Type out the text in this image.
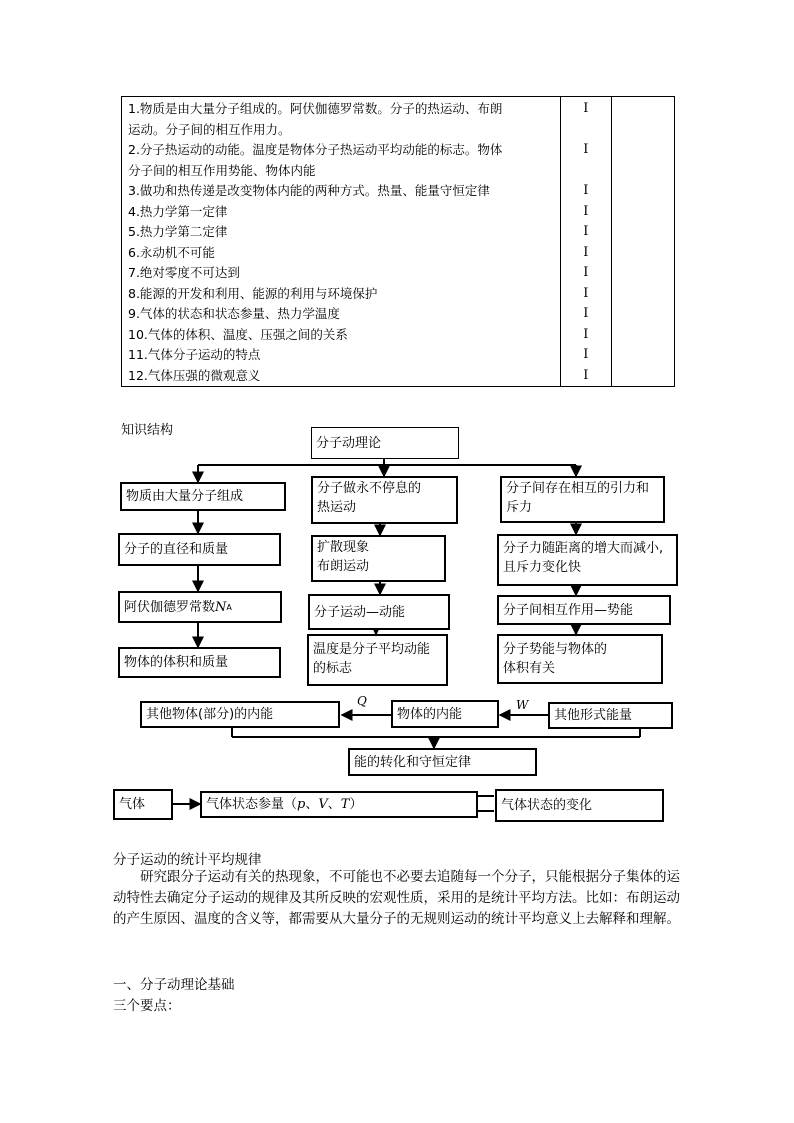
1.物质是由大量分子组成的。阿伏伽德罗常数。分子的热运动、布朗
运动。分子间的相互作用力。	Ⅰ	
2.分子热运动的动能。温度是物体分子热运动平均动能的标志。物体
分子间的相互作用势能、物体内能	Ⅰ	
3.做功和热传递是改变物体内能的两种方式。热量、能量守恒定律	Ⅰ	
4.热力学第一定律	Ⅰ	
5.热力学第二定律	Ⅰ	
6.永动机不可能	Ⅰ	
7.绝对零度不可达到	Ⅰ	
8.能源的开发和利用、能源的利用与环境保护	Ⅰ	
9.气体的状态和状态参量、热力学温度	Ⅰ	
10.气体的体积、温度、压强之间的关系	Ⅰ	
11.气体分子运动的特点	Ⅰ	
12.气体压强的微观意义	Ⅰ	
知识结构
分子动理论
物质由大量分子组成
分子的直径和质量
阿伏伽德罗常数 N A
物体的体积和质量
分子做永不停息的
热运动
扩散现象
布朗运动
分子运动—动能
温度是分子平均动能
的标志
分子间存在相互的引力和
斥力
分子力随距离的增大而减小,
且斥力变化快
分子间相互作用—势能
分子势能与物体的
体积有关
其他物体(部分)的内能
Q
物体的内能
W
其他形式能量
能的转化和守恒定律
气体	气体状态参量（ p 、 V 、 T ）	气体状态的变化
分子运动的统计平均规律

研究跟分子运动有关的热现象，不可能也不必要去追随每一个分子，只能根据分子集体的运动特性去确定分子运动的规律及其所反映的宏观性质，采用的是统计平均方法。比如：布朗运动的产生原因、温度的含义等，都需要从大量分子的无规则运动的统计平均意义上去解释和理解。

一、分子动理论基础
三个要点：
